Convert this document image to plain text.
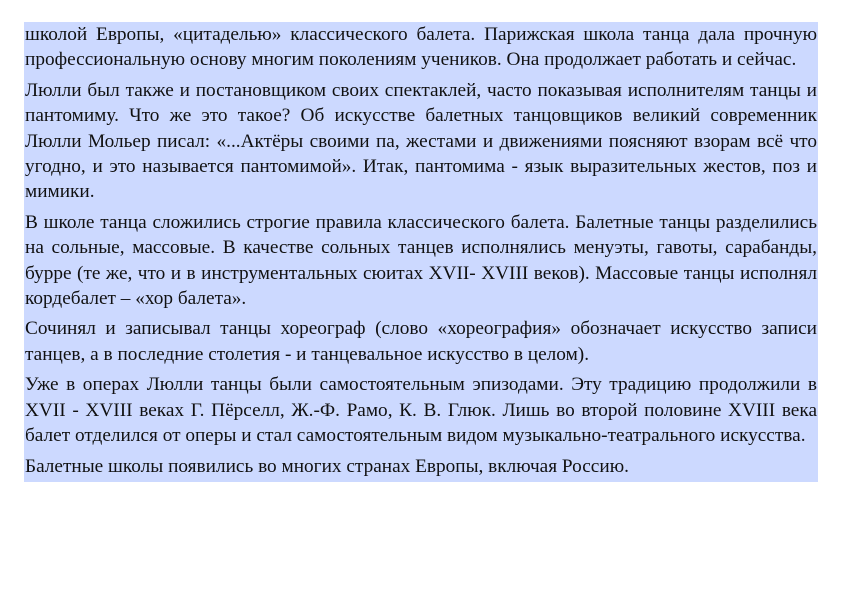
школой Европы, «цитаделью» классического балета. Парижская школа танца дала прочную профессиональную основу многим поколениям учеников. Она продолжает работать и сейчас.

Люлли был также и постановщиком своих спектаклей, часто показывая исполнителям танцы и пантомиму. Что же это такое? Об искусстве балетных танцовщиков великий современник Люлли Мольер писал: «...Актёры своими па, жестами и движениями поясняют взорам всё что угодно, и это называется пантомимой». Итак, пантомима - язык выразительных жестов, поз и мимики.

В школе танца сложились строгие правила классического балета. Балетные танцы разделились на сольные, массовые. В качестве сольных танцев исполнялись менуэты, гавоты, сарабанды, бурре (те же, что и в инструментальных сюитах XVII- XVIII веков). Массовые танцы исполнял кордебалет – «хор балета».

Сочинял и записывал танцы хореограф (слово «хореография» обозначает искусство записи танцев, а в последние столетия - и танцевальное искусство в целом).

Уже в операх Люлли танцы были самостоятельным эпизодами. Эту традицию продолжили в XVII - XVIII веках Г. Пёрселл, Ж.-Ф. Рамо, К. В. Глюк. Лишь во второй половине XVIII века балет отделился от оперы и стал самостоятельным видом музыкально-театрального искусства.

Балетные школы появились во многих странах Европы, включая Россию.
